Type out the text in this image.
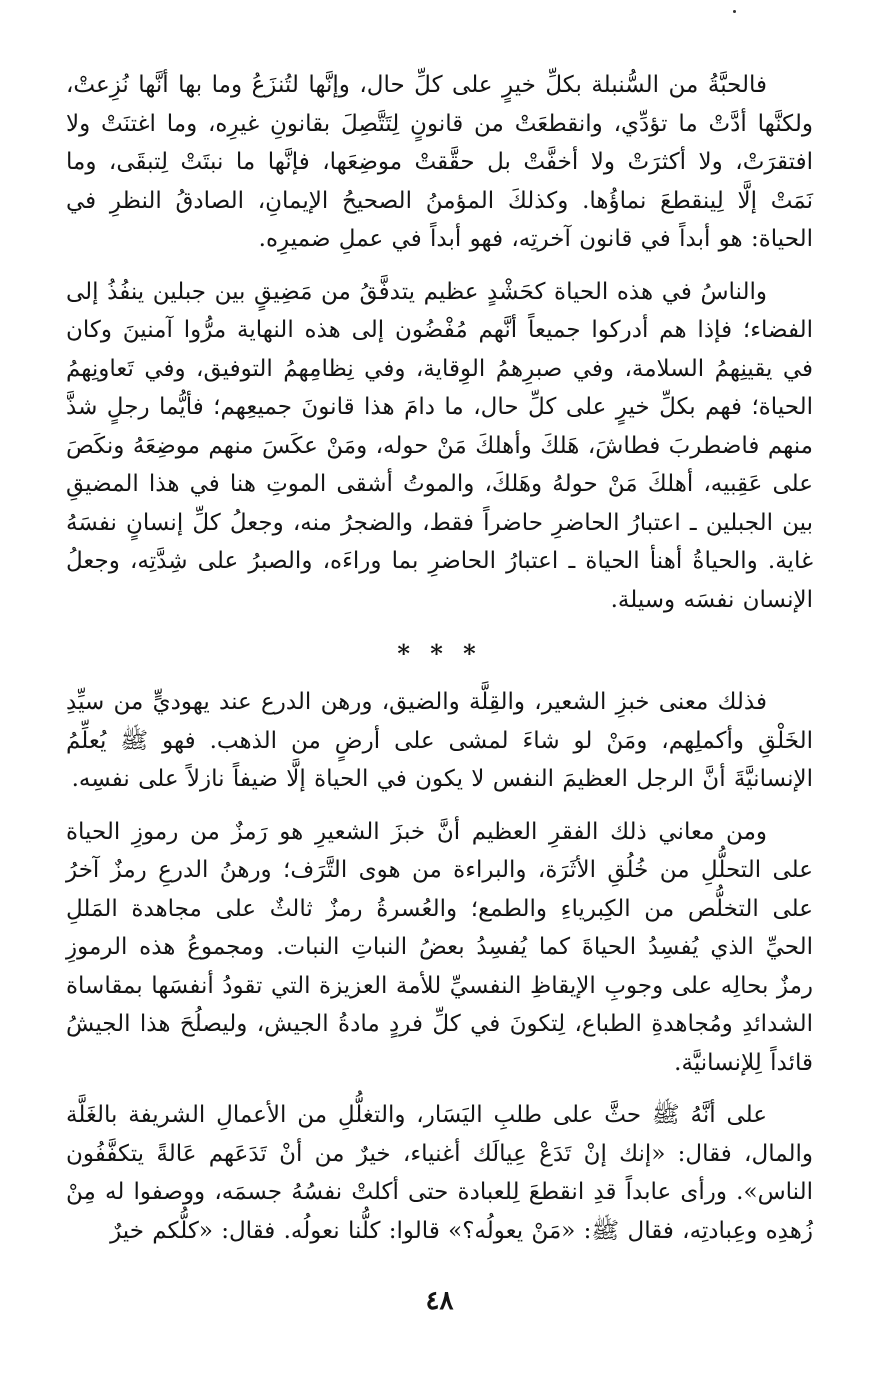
فالحبَّةُ من السُّنبلة بكلِّ خيرٍ على كلِّ حال، وإنَّها لتُنزَعُ وما بها أنَّها نُزِعتْ، ولكنَّها أدَّتْ ما تؤدِّي، وانقطعَتْ من قانونٍ لِتَتَّصِلَ بقانونِ غيرِه، وما اغتنَتْ ولا افتقرَتْ، ولا أكثرَتْ ولا أخفَّتْ بل حقَّقتْ موضِعَها، فإنَّها ما نبتَتْ لِتبقَى، وما نَمَتْ إلَّا لِينقطعَ نماؤُها. وكذلكَ المؤمنُ الصحيحُ الإيمانِ، الصادقُ النظرِ في الحياة: هو أبداً في قانون آخرتِه، فهو أبداً في عملِ ضميرِه.

والناسُ في هذه الحياة كحَشْدٍ عظيم يتدفَّقُ من مَضِيقٍ بين جبلين ينفُذُ إلى الفضاء؛ فإذا هم أدركوا جميعاً أنَّهم مُفْضُون إلى هذه النهاية مرُّوا آمنينَ وكان في يقينِهمُ السلامة، وفي صبرِهمُ الوِقاية، وفي نِظامِهمُ التوفيق، وفي تَعاونِهمُ الحياة؛ فهم بكلِّ خيرٍ على كلِّ حال، ما دامَ هذا قانونَ جميعِهم؛ فأيُّما رجلٍ شذَّ منهم فاضطربَ فطاشَ، هَلكَ وأهلكَ مَنْ حوله، ومَنْ عكَسَ منهم موضِعَهُ ونكَصَ على عَقِبيه، أهلكَ مَنْ حولهُ وهَلكَ، والموتُ أشقى الموتِ هنا في هذا المضيقِ بين الجبلين ـ اعتبارُ الحاضرِ حاضراً فقط، والضجرُ منه، وجعلُ كلِّ إنسانٍ نفسَهُ غاية. والحياةُ أهنأ الحياة ـ اعتبارُ الحاضرِ بما وراءَه، والصبرُ على شِدَّتِه، وجعلُ الإنسان نفسَه وسيلة.

* * *

فذلك معنى خبزِ الشعير، والقِلَّة والضيق، ورهن الدرع عند يهوديٍّ من سيِّدِ الخَلْقِ وأكملِهم، ومَنْ لو شاءَ لمشى على أرضٍ من الذهب. فهو ﷺ يُعلِّمُ الإنسانيَّةَ أنَّ الرجل العظيمَ النفس لا يكون في الحياة إلَّا ضيفاً نازلاً على نفسِه.

ومن معاني ذلك الفقرِ العظيم أنَّ خبزَ الشعيرِ هو رَمزٌ من رموزِ الحياة على التحلُّلِ من خُلُقِ الأثَرَة، والبراءة من هوى التَّرَف؛ ورهنُ الدرعِ رمزٌ آخرُ على التخلُّص من الكِبرياءِ والطمع؛ والعُسرةُ رمزٌ ثالثٌ على مجاهدة المَللِ الحيِّ الذي يُفسِدُ الحياةَ كما يُفسِدُ بعضُ النباتِ النبات. ومجموعُ هذه الرموزِ رمزٌ بحالِه على وجوبِ الإيقاظِ النفسيِّ للأمة العزيزة التي تقودُ أنفسَها بمقاساة الشدائدِ ومُجاهدةِ الطباع، لِتكونَ في كلِّ فردٍ مادةُ الجيش، وليصلُحَ هذا الجيشُ قائداً لِلإنسانيَّة.

على أنَّهُ ﷺ حثَّ على طلبِ اليَسَار، والتغلُّلِ من الأعمالِ الشريفة بالغَلَّة والمال، فقال: «إنك إنْ تَدَعْ عِيالَك أغنياء، خيرٌ من أنْ تَدَعَهم عَالةً يتكفَّفُون الناس». ورأى عابداً قدِ انقطعَ لِلعبادة حتى أكلتْ نفسُهُ جسمَه، ووصفوا له مِنْ زُهدِه وعِبادتِه، فقال ﷺ: «مَنْ يعولُه؟» قالوا: كلُّنا نعولُه. فقال: «كلُّكم خيرٌ

٤٨
